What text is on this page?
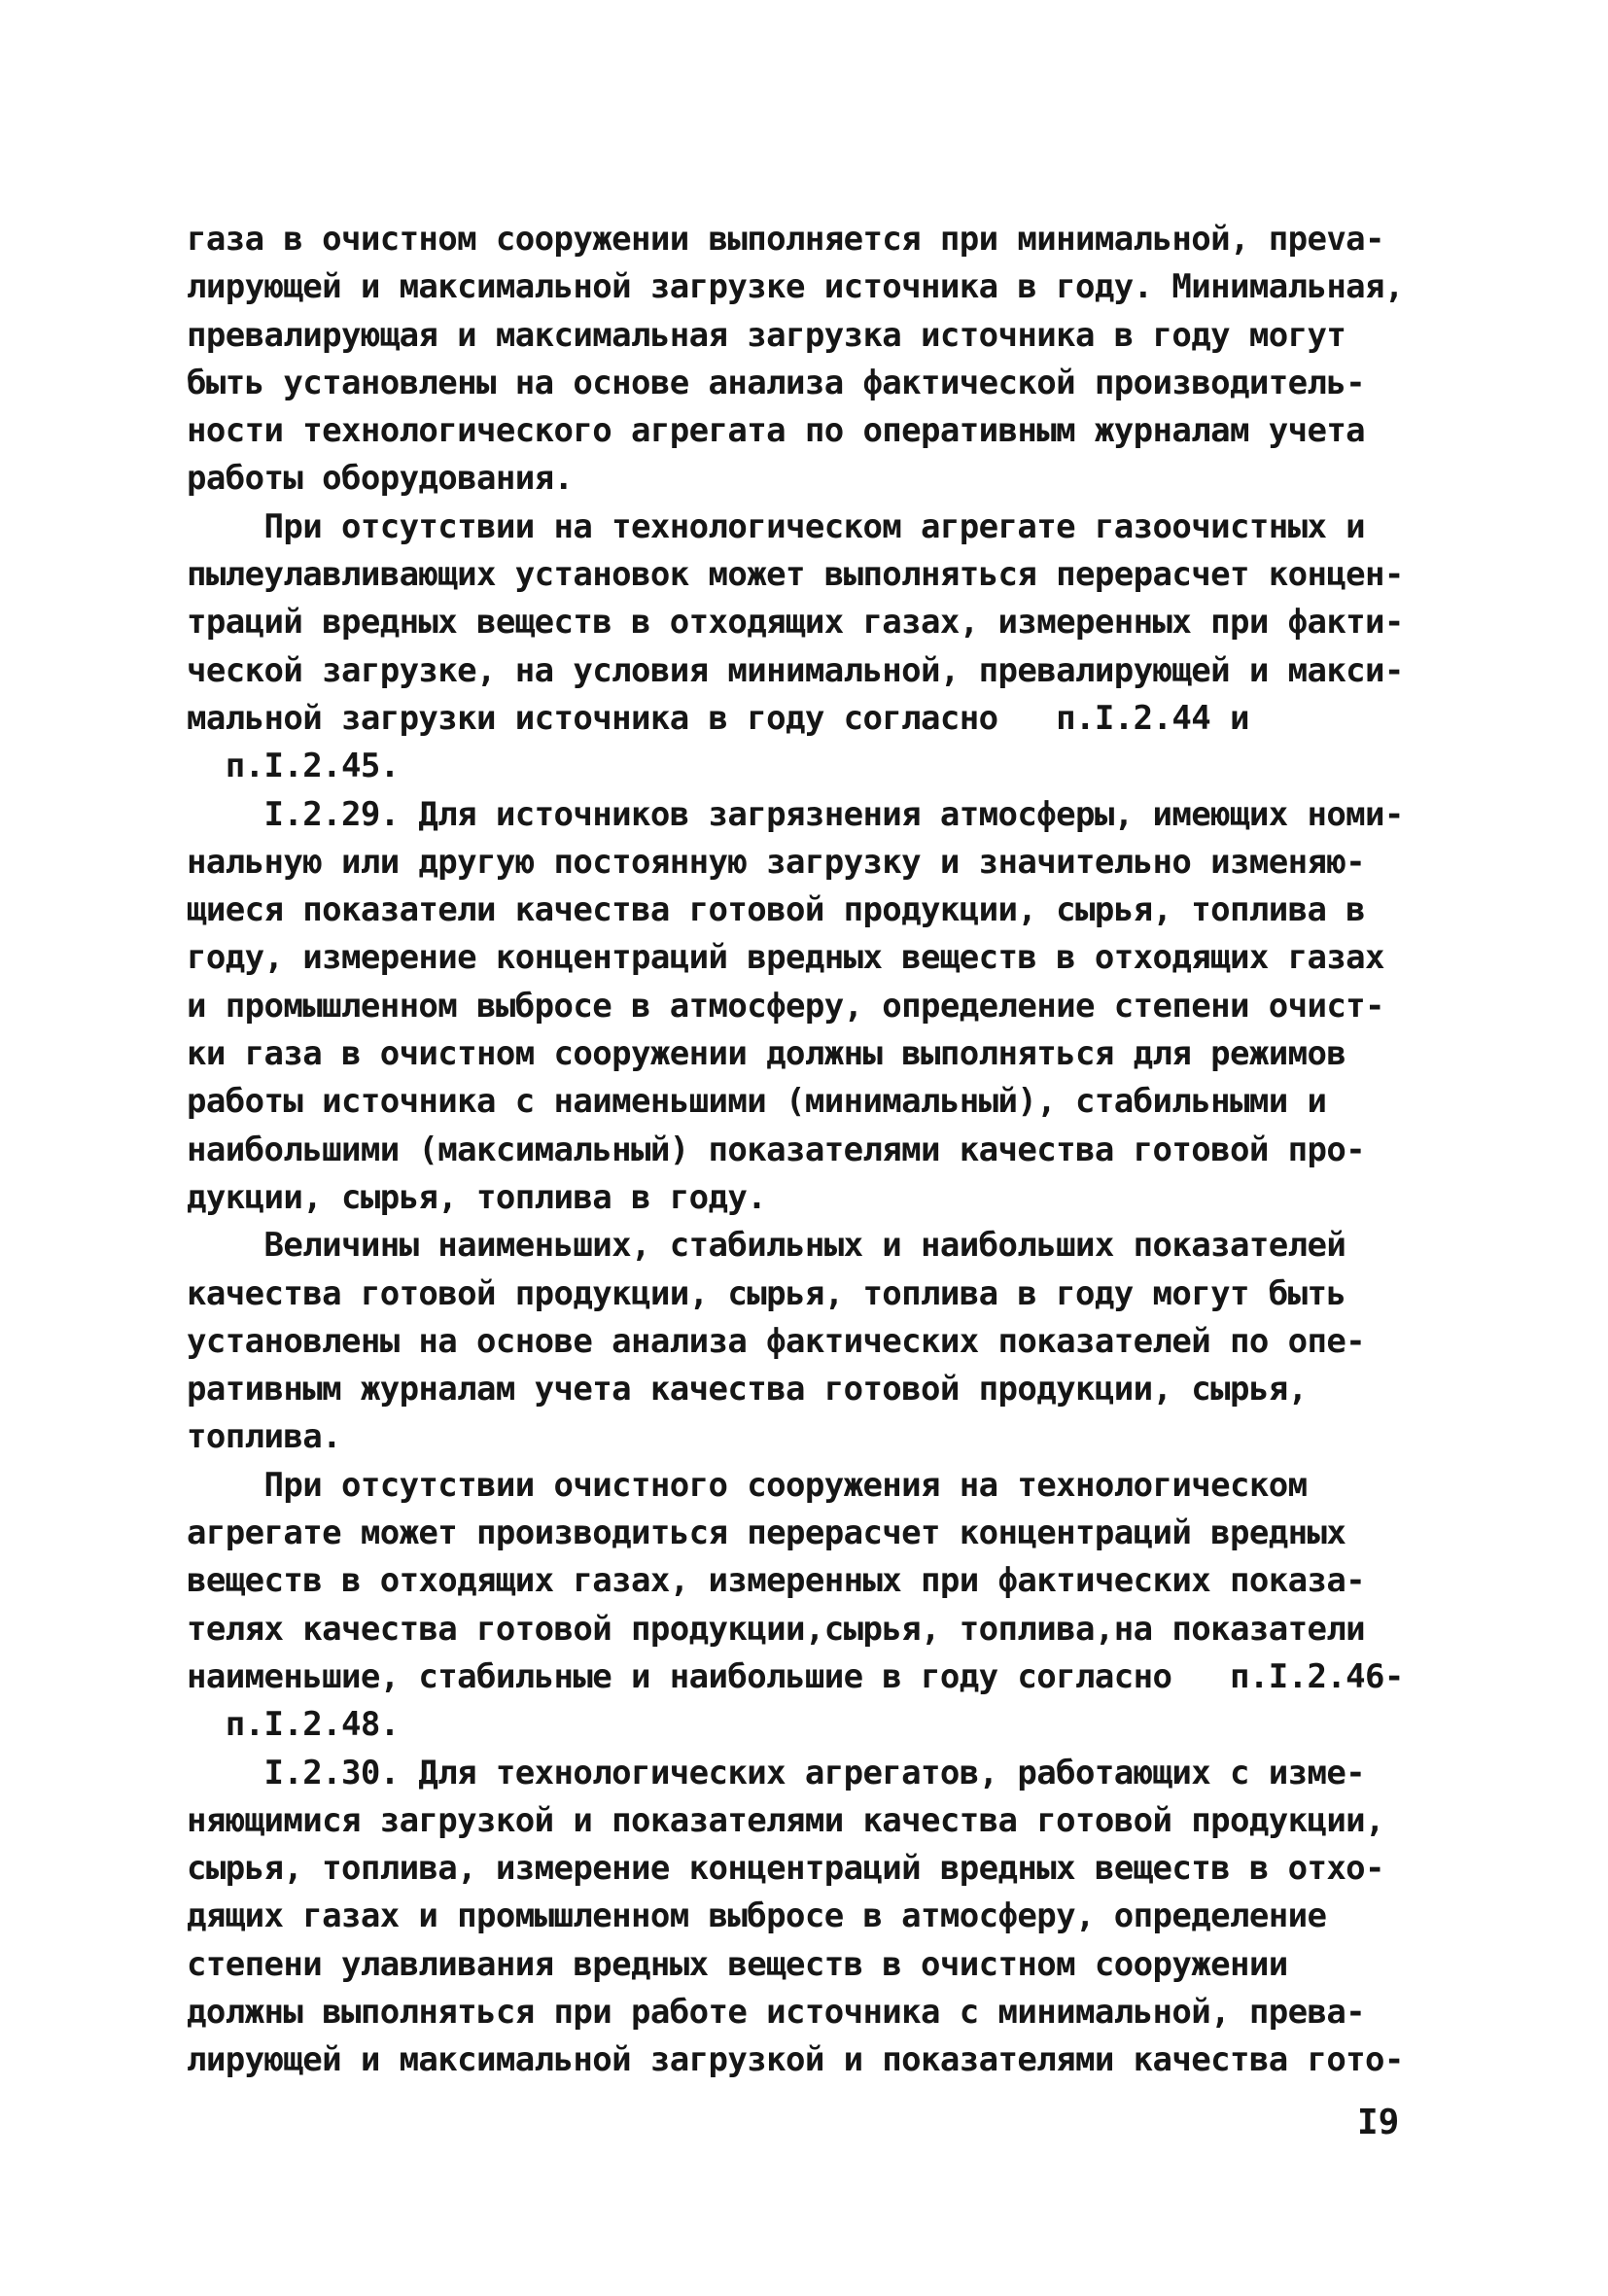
газа в очистном сооружении выполняется при минимальной, преva-
лирующей и максимальной загрузке источника в году. Минимальная,
превалирующая и максимальная загрузка источника в году могут
быть установлены на основе анализа фактической производитель-
ности технологического агрегата по оперативным журналам учета
работы оборудования.
При отсутствии на технологическом агрегате газоочистных и
пылеулавливающих установок может выполняться перерасчет концен-
траций вредных веществ в отходящих газах, измеренных при факти-
ческой загрузке, на условия минимальной, превалирующей и макси-
мальной загрузки источника в году согласно   п.I.2.44 и
п.I.2.45.
I.2.29. Для источников загрязнения атмосферы, имеющих номи-
нальную или другую постоянную загрузку и значительно изменяю-
щиеся показатели качества готовой продукции, сырья, топлива в
году, измерение концентраций вредных веществ в отходящих газах
и промышленном выбросе в атмосферу, определение степени очист-
ки газа в очистном сооружении должны выполняться для режимов
работы источника с наименьшими (минимальный), стабильными и
наибольшими (максимальный) показателями качества готовой про-
дукции, сырья, топлива в году.
Величины наименьших, стабильных и наибольших показателей
качества готовой продукции, сырья, топлива в году могут быть
установлены на основе анализа фактических показателей по опе-
ративным журналам учета качества готовой продукции, сырья,
топлива.
При отсутствии очистного сооружения на технологическом
агрегате может производиться перерасчет концентраций вредных
веществ в отходящих газах, измеренных при фактических показа-
телях качества готовой продукции,сырья, топлива,на показатели
наименьшие, стабильные и наибольшие в году согласно   п.I.2.46-
п.I.2.48.
I.2.30. Для технологических агрегатов, работающих с изме-
няющимися загрузкой и показателями качества готовой продукции,
сырья, топлива, измерение концентраций вредных веществ в отхо-
дящих газах и промышленном выбросе в атмосферу, определение
степени улавливания вредных веществ в очистном сооружении
должны выполняться при работе источника с минимальной, прева-
лирующей и максимальной загрузкой и показателями качества гото-
I9
